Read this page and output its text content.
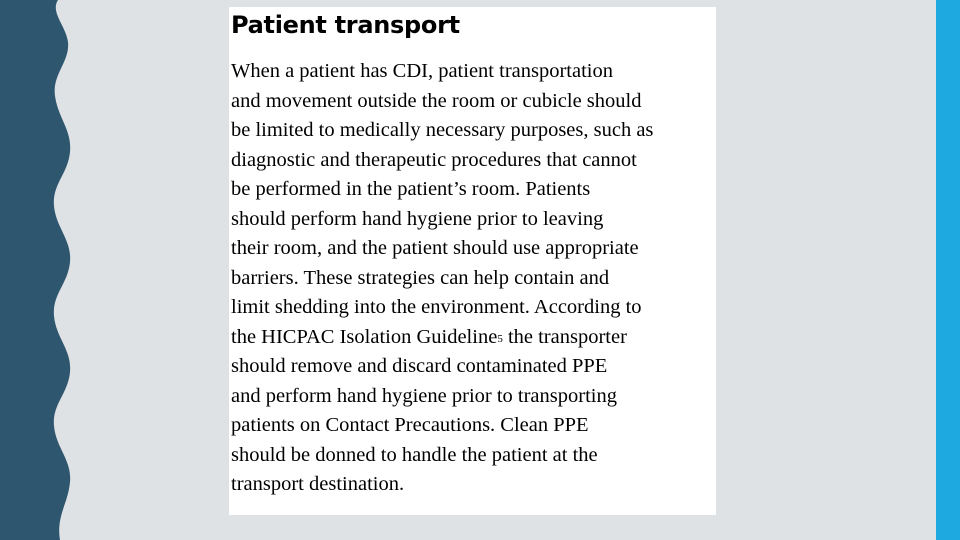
Patient transport
When a patient has CDI, patient transportation
and movement outside the room or cubicle should
be limited to medically necessary purposes, such as
diagnostic and therapeutic procedures that cannot
be performed in the patient’s room. Patients
should perform hand hygiene prior to leaving
their room, and the patient should use appropriate
barriers. These strategies can help contain and
limit shedding into the environment. According to
the HICPAC Isolation Guideline$^5$ the transporter
should remove and discard contaminated PPE
and perform hand hygiene prior to transporting
patients on Contact Precautions. Clean PPE
should be donned to handle the patient at the
transport destination.
